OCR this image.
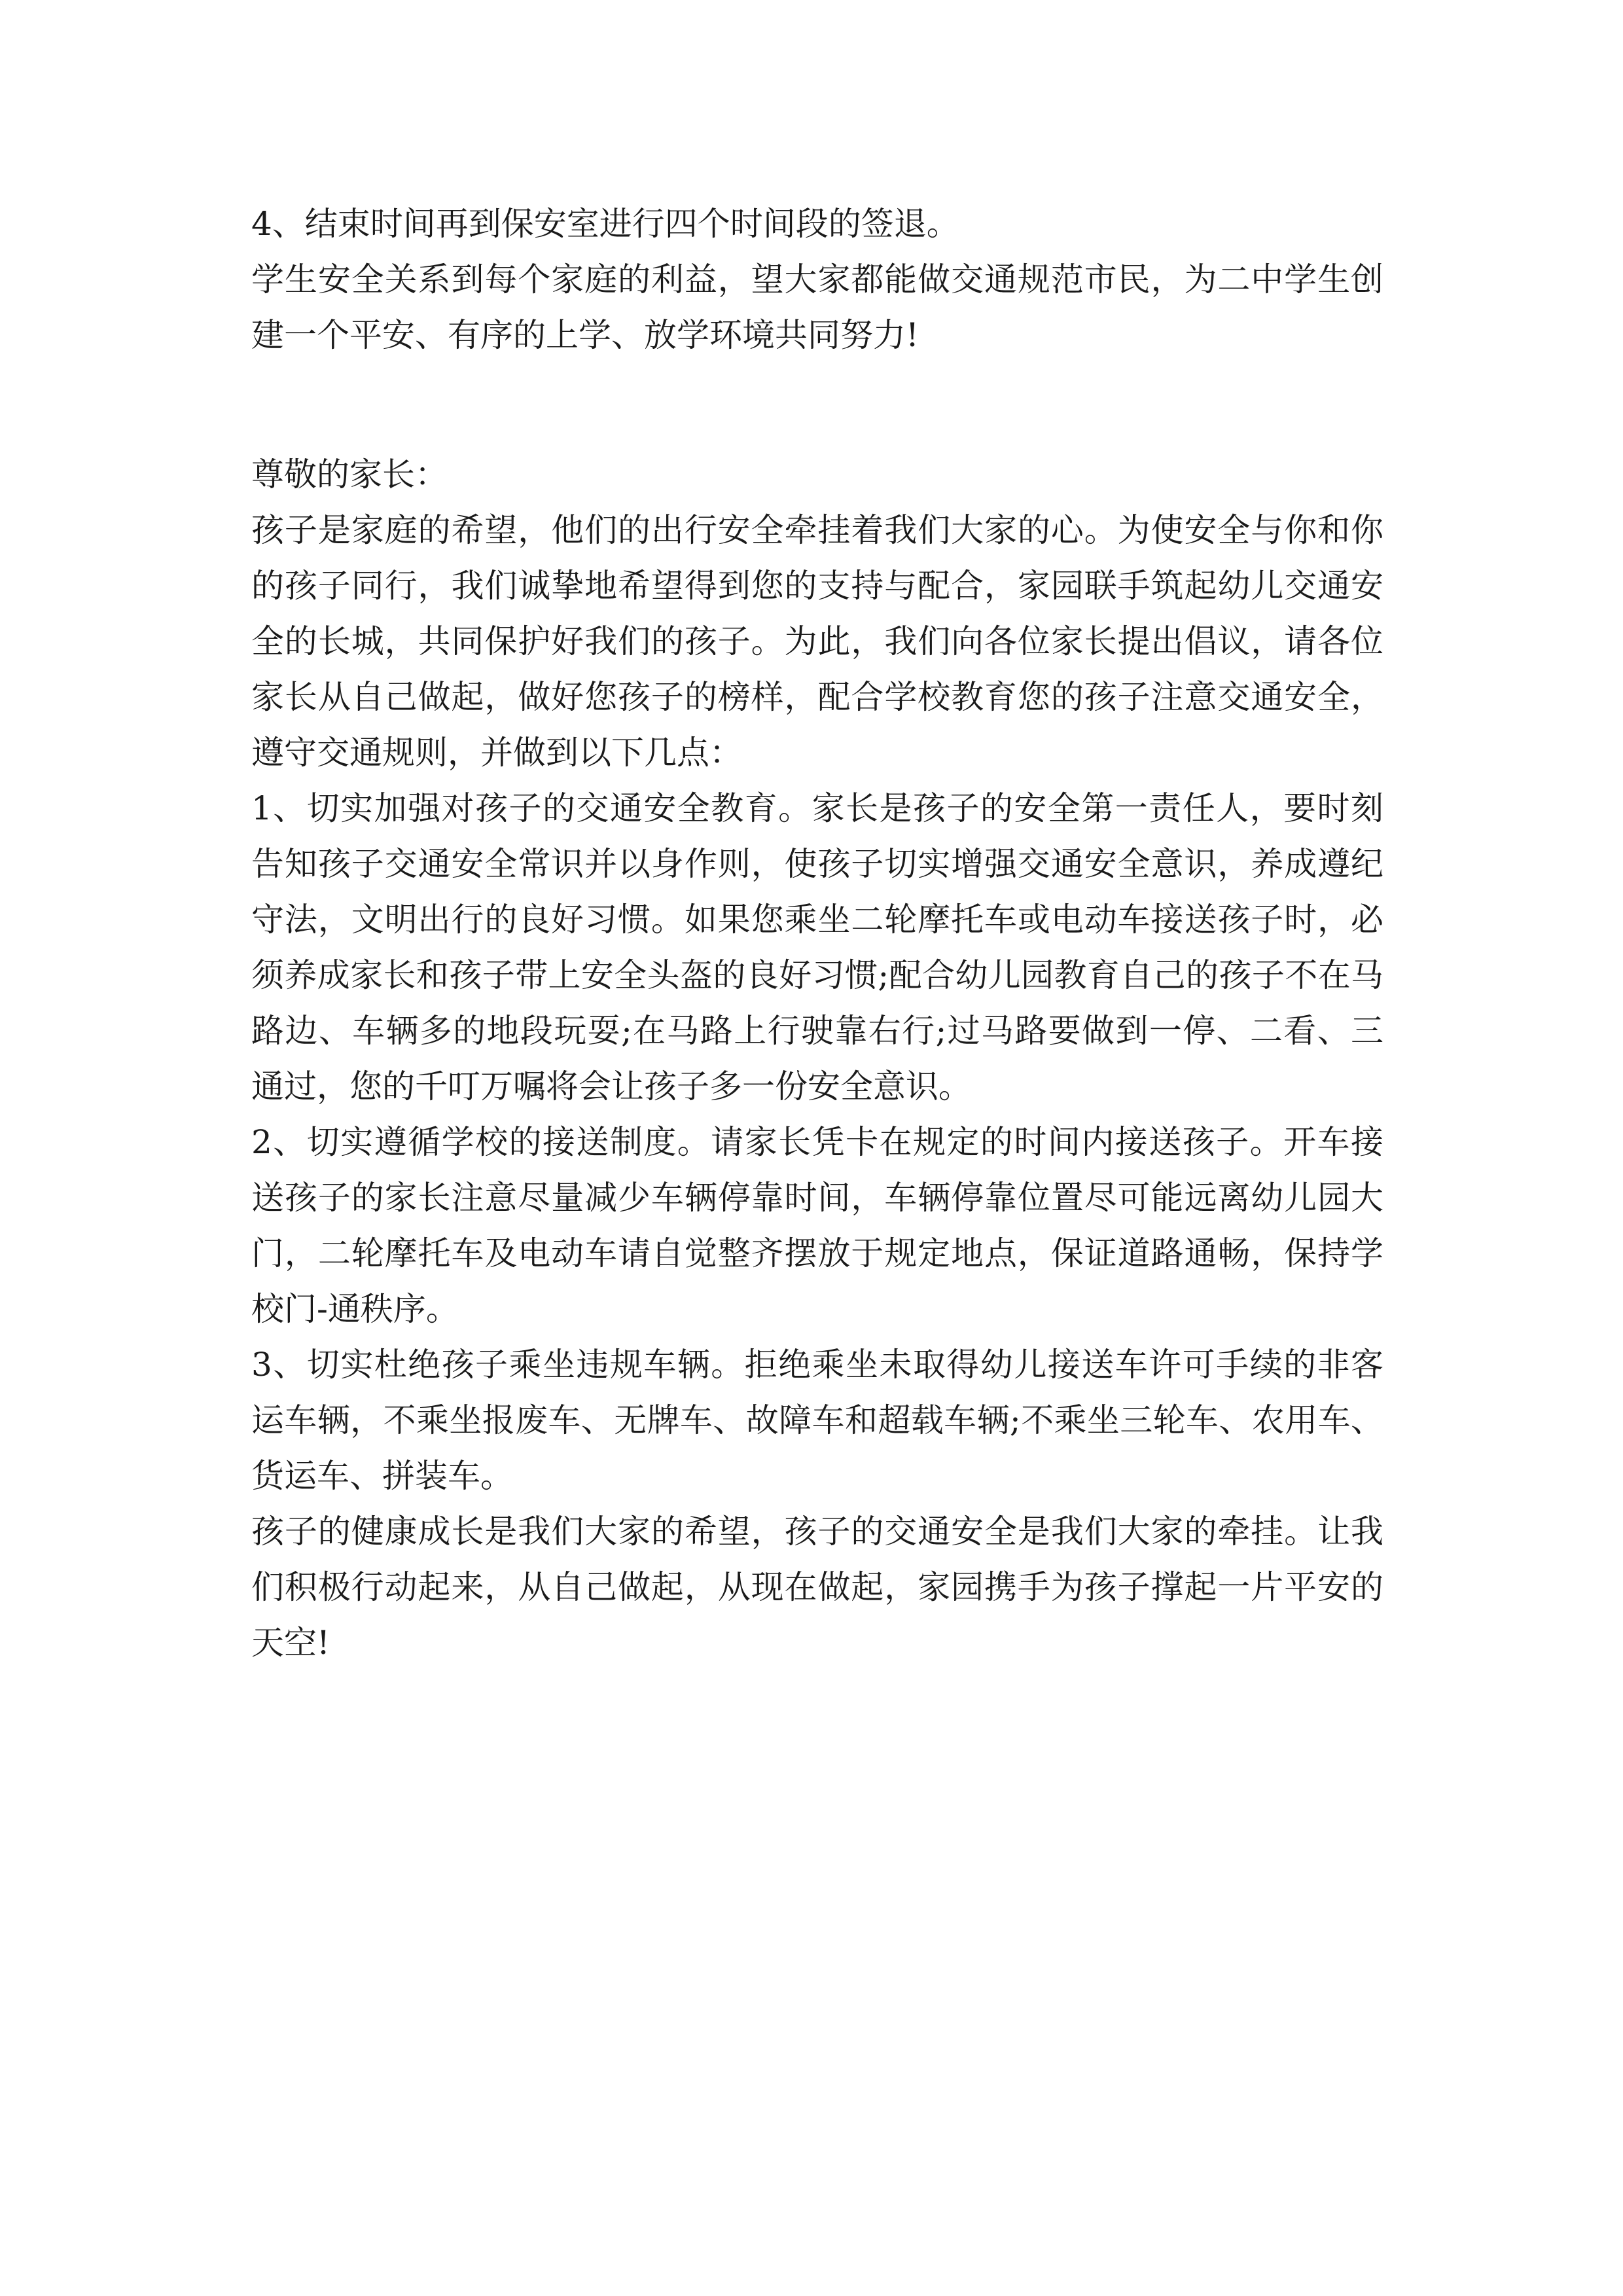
4、结束时间再到保安室进行四个时间段的签退。

学生安全关系到每个家庭的利益，望大家都能做交通规范市民，为二中学生创建一个平安、有序的上学、放学环境共同努力!

尊敬的家长：

孩子是家庭的希望，他们的出行安全牵挂着我们大家的心。为使安全与你和你的孩子同行，我们诚挚地希望得到您的支持与配合，家园联手筑起幼儿交通安全的长城，共同保护好我们的孩子。为此，我们向各位家长提出倡议，请各位家长从自己做起，做好您孩子的榜样，配合学校教育您的孩子注意交通安全，遵守交通规则，并做到以下几点：

1、切实加强对孩子的交通安全教育。家长是孩子的安全第一责任人，要时刻告知孩子交通安全常识并以身作则，使孩子切实增强交通安全意识，养成遵纪守法，文明出行的良好习惯。如果您乘坐二轮摩托车或电动车接送孩子时，必须养成家长和孩子带上安全头盔的良好习惯;配合幼儿园教育自己的孩子不在马路边、车辆多的地段玩耍;在马路上行驶靠右行;过马路要做到一停、二看、三通过，您的千叮万嘱将会让孩子多一份安全意识。

2、切实遵循学校的接送制度。请家长凭卡在规定的时间内接送孩子。开车接送孩子的家长注意尽量减少车辆停靠时间，车辆停靠位置尽可能远离幼儿园大门，二轮摩托车及电动车请自觉整齐摆放于规定地点，保证道路通畅，保持学校门-通秩序。

3、切实杜绝孩子乘坐违规车辆。拒绝乘坐未取得幼儿接送车许可手续的非客运车辆，不乘坐报废车、无牌车、故障车和超载车辆;不乘坐三轮车、农用车、货运车、拼装车。

孩子的健康成长是我们大家的希望，孩子的交通安全是我们大家的牵挂。让我们积极行动起来，从自己做起，从现在做起，家园携手为孩子撑起一片平安的天空!
